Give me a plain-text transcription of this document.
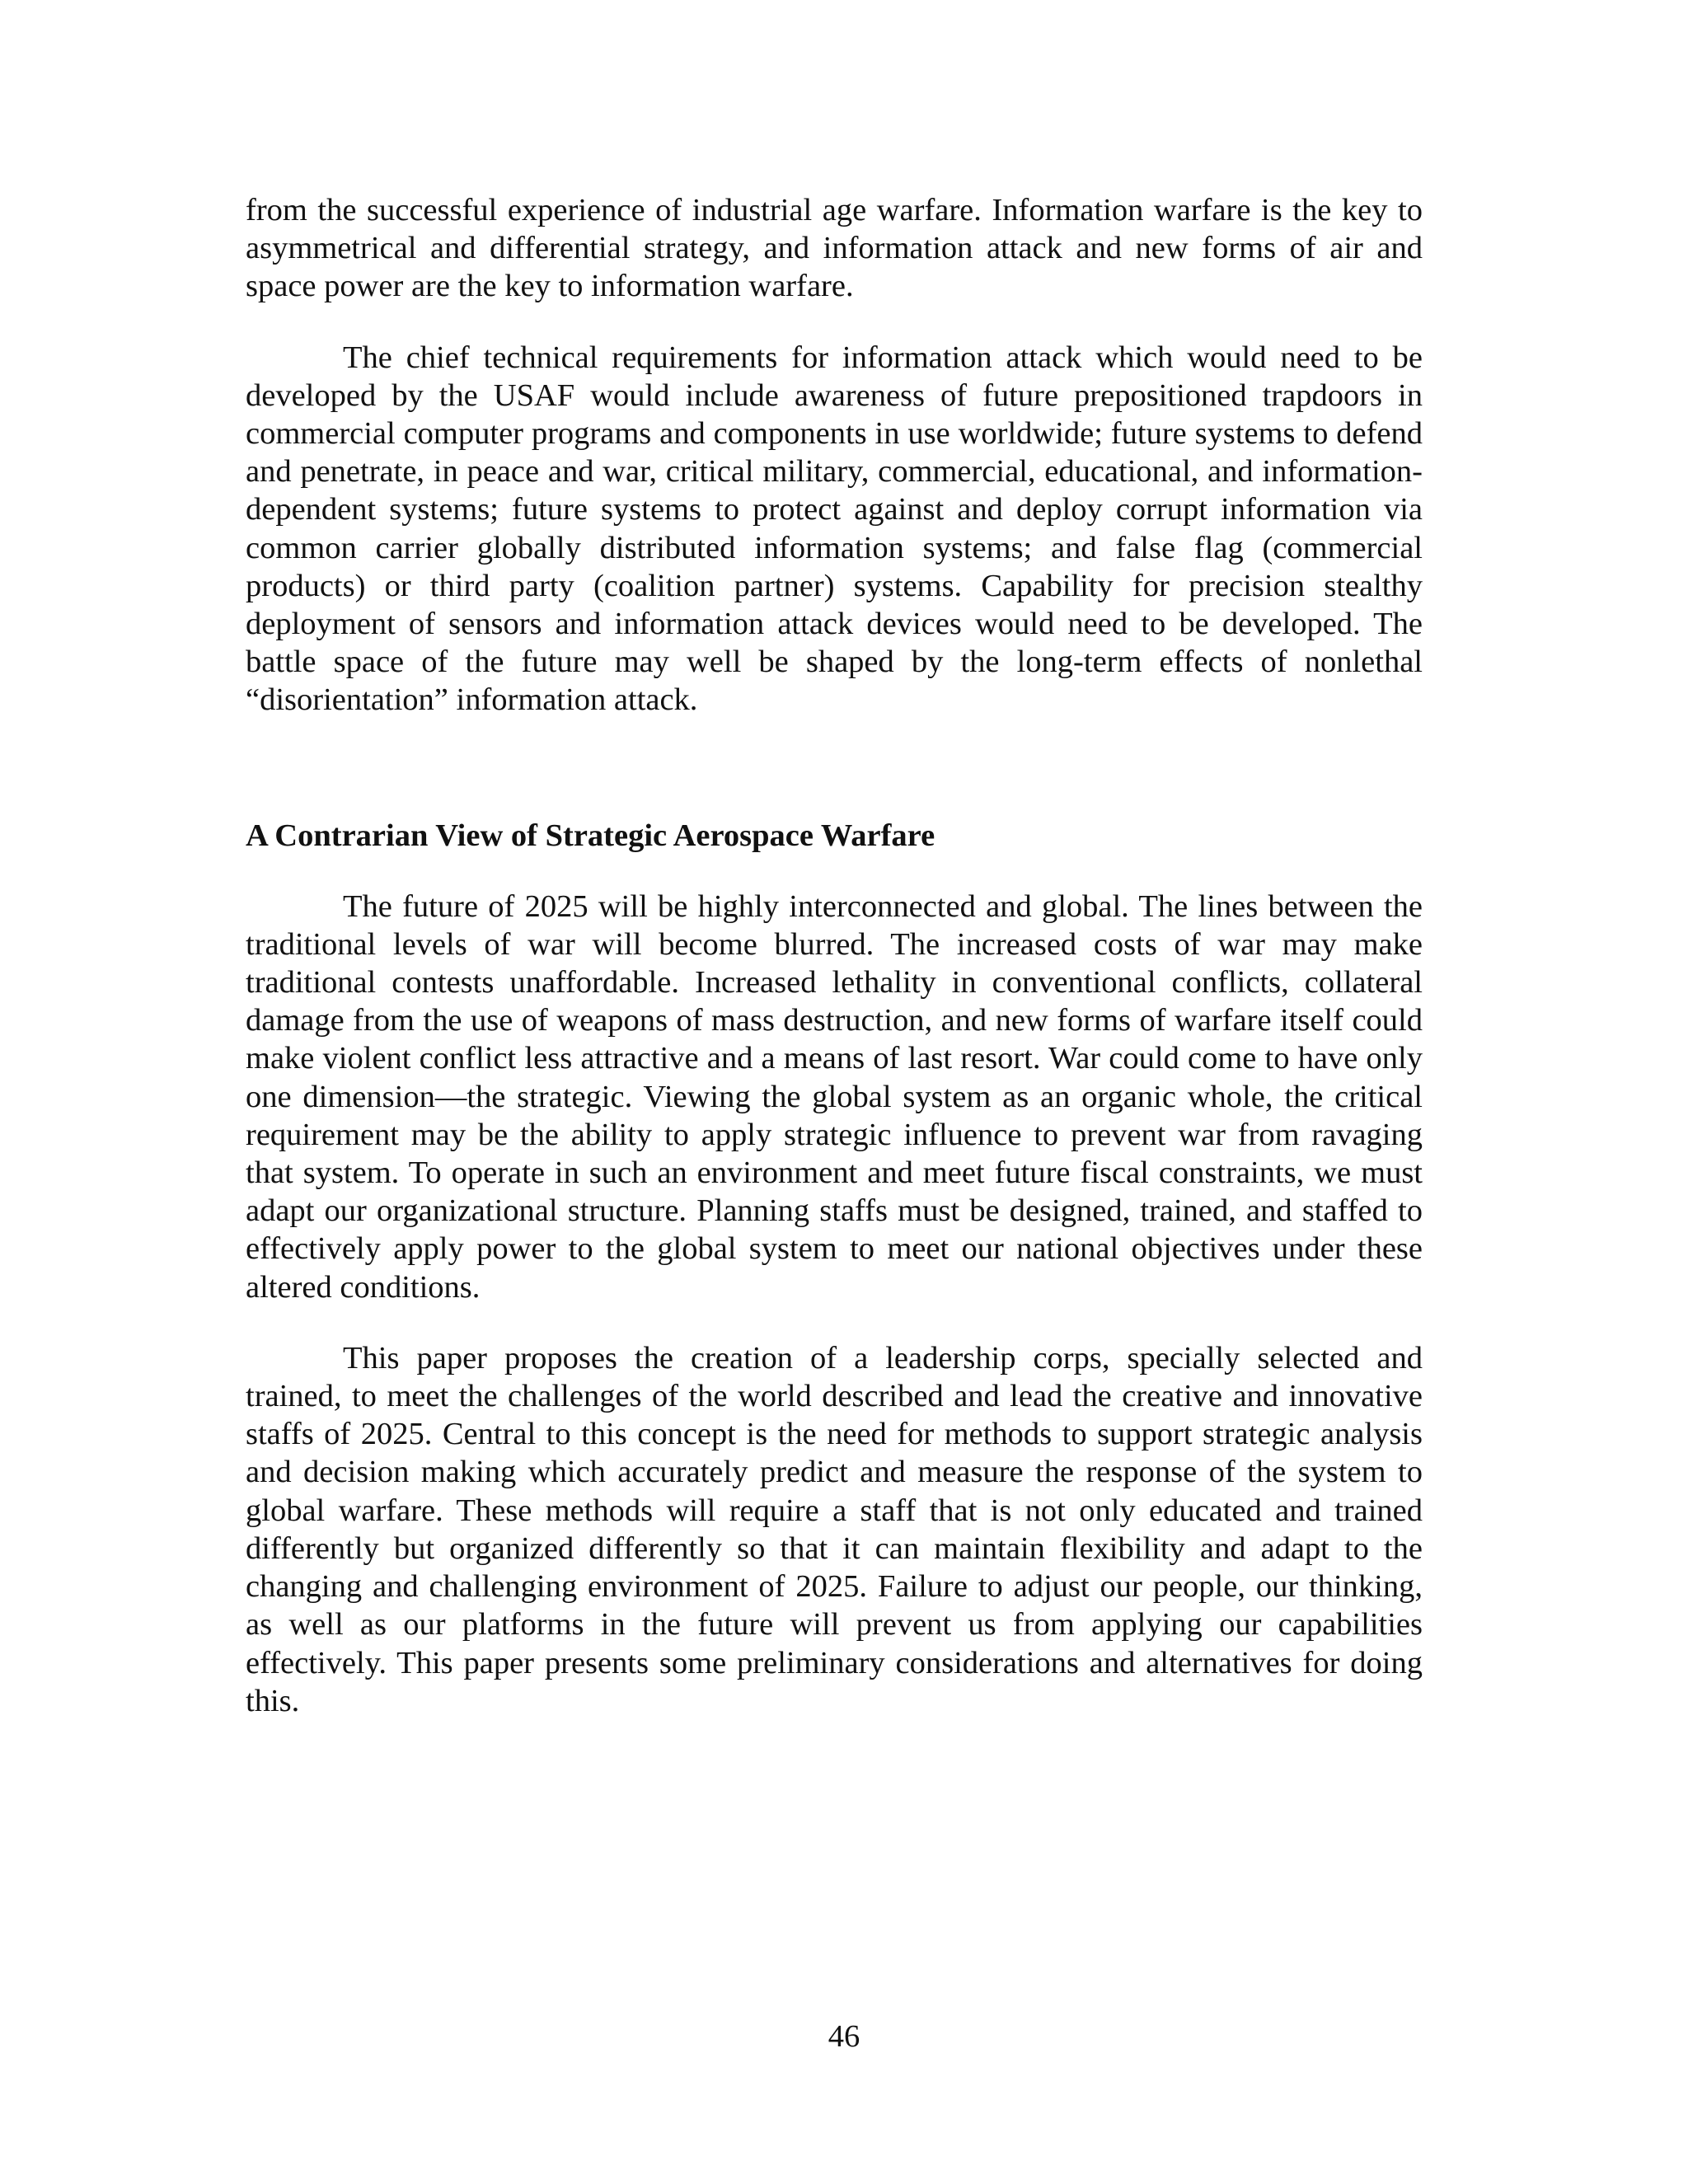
from the successful experience of industrial age warfare. Information warfare is the key to asymmetrical and differential strategy, and information attack and new forms of air and space power are the key to information warfare.

The chief technical requirements for information attack which would need to be developed by the USAF would include awareness of future prepositioned trapdoors in commercial computer programs and components in use worldwide; future systems to defend and penetrate, in peace and war, critical military, commercial, educational, and information-dependent systems; future systems to protect against and deploy corrupt information via common carrier globally distributed information systems; and false flag (commercial products) or third party (coalition partner) systems. Capability for precision stealthy deployment of sensors and information attack devices would need to be developed. The battle space of the future may well be shaped by the long-term effects of nonlethal “disorientation” information attack.

A Contrarian View of Strategic Aerospace Warfare

The future of 2025 will be highly interconnected and global. The lines between the traditional levels of war will become blurred. The increased costs of war may make traditional contests unaffordable. Increased lethality in conventional conflicts, collateral damage from the use of weapons of mass destruction, and new forms of warfare itself could make violent conflict less attractive and a means of last resort. War could come to have only one dimension—the strategic. Viewing the global system as an organic whole, the critical requirement may be the ability to apply strategic influence to prevent war from ravaging that system. To operate in such an environment and meet future fiscal constraints, we must adapt our organizational structure. Planning staffs must be designed, trained, and staffed to effectively apply power to the global system to meet our national objectives under these altered conditions.

This paper proposes the creation of a leadership corps, specially selected and trained, to meet the challenges of the world described and lead the creative and innovative staffs of 2025. Central to this concept is the need for methods to support strategic analysis and decision making which accurately predict and measure the response of the system to global warfare. These methods will require a staff that is not only educated and trained differently but organized differently so that it can maintain flexibility and adapt to the changing and challenging environment of 2025. Failure to adjust our people, our thinking, as well as our platforms in the future will prevent us from applying our capabilities effectively. This paper presents some preliminary considerations and alternatives for doing this.

46
